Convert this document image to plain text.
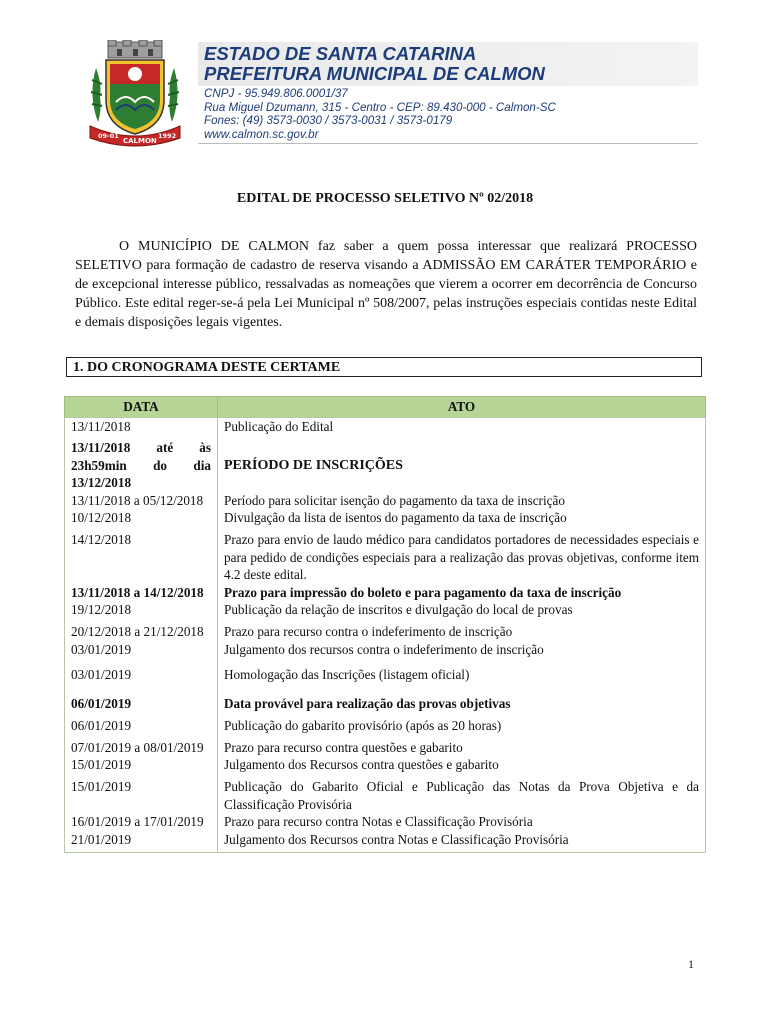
09-01
CALMON
1992
ESTADO DE SANTA CATARINA
PREFEITURA MUNICIPAL DE CALMON
CNPJ - 95.949.806.0001/37
Rua Miguel Dzumann, 315 - Centro - CEP: 89.430-000 - Calmon-SC
Fones: (49) 3573-0030 / 3573-0031 / 3573-0179
www.calmon.sc.gov.br
EDITAL DE PROCESSO SELETIVO Nº 02/2018

O MUNICÍPIO DE CALMON faz saber a quem possa interessar que realizará PROCESSO SELETIVO para formação de cadastro de reserva visando a ADMISSÃO EM CARÁTER TEMPORÁRIO e de excepcional interesse público, ressalvadas as nomeações que vierem a ocorrer em decorrência de Concurso Público. Este edital reger-se-á pela Lei Municipal nº 508/2007, pelas instruções especiais contidas neste Edital e demais disposições legais vigentes.

1. DO CRONOGRAMA DESTE CERTAME
DATA	ATO
13/11/2018	Publicação do Edital
13/11/2018 até às 23h59min do dia 13/12/2018	PERÍODO DE INSCRIÇÕES
13/11/2018 a 05/12/2018	Período para solicitar isenção do pagamento da taxa de inscrição
10/12/2018	Divulgação da lista de isentos do pagamento da taxa de inscrição
14/12/2018	Prazo para envio de laudo médico para candidatos portadores de necessidades especiais e para pedido de condições especiais para a realização das provas objetivas, conforme item 4.2 deste edital.
13/11/2018 a 14/12/2018	Prazo para impressão do boleto e para pagamento da taxa de inscrição
19/12/2018	Publicação da relação de inscritos e divulgação do local de provas
20/12/2018 a 21/12/2018	Prazo para recurso contra o indeferimento de inscrição
03/01/2019	Julgamento dos recursos contra o indeferimento de inscrição
03/01/2019	Homologação das Inscrições (listagem oficial)
06/01/2019	Data provável para realização das provas objetivas
06/01/2019	Publicação do gabarito provisório (após as 20 horas)
07/01/2019 a 08/01/2019	Prazo para recurso contra questões e gabarito
15/01/2019	Julgamento dos Recursos contra questões e gabarito
15/01/2019	Publicação do Gabarito Oficial e Publicação das Notas da Prova Objetiva e da Classificação Provisória
16/01/2019 a 17/01/2019	Prazo para recurso contra Notas e Classificação Provisória
21/01/2019	Julgamento dos Recursos contra Notas e Classificação Provisória
1
